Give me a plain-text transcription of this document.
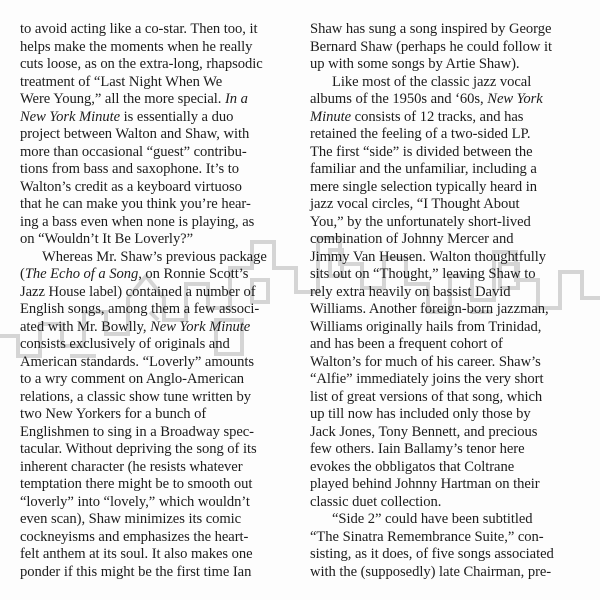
to avoid acting like a co-star. Then too, it
helps make the moments when he really
cuts loose, as on the extra-long, rhapsodic
treatment of “Last Night When We
Were Young,” all the more special. In a
New York Minute is essentially a duo
project between Walton and Shaw, with
more than occasional “guest” contribu-
tions from bass and saxophone. It’s to
Walton’s credit as a keyboard virtuoso
that he can make you think you’re hear-
ing a bass even when none is playing, as
on “Wouldn’t It Be Loverly?”
Whereas Mr. Shaw’s previous package
(The Echo of a Song, on Ronnie Scott’s
Jazz House label) contained a number of
English songs, among them a few associ-
ated with Mr. Bowlly, New York Minute
consists exclusively of originals and
American standards. “Loverly” amounts
to a wry comment on Anglo-American
relations, a classic show tune written by
two New Yorkers for a bunch of
Englishmen to sing in a Broadway spec-
tacular. Without depriving the song of its
inherent character (he resists whatever
temptation there might be to smooth out
“loverly” into “lovely,” which wouldn’t
even scan), Shaw minimizes its comic
cockneyisms and emphasizes the heart-
felt anthem at its soul. It also makes one
ponder if this might be the first time Ian
Shaw has sung a song inspired by George
Bernard Shaw (perhaps he could follow it
up with some songs by Artie Shaw).
Like most of the classic jazz vocal
albums of the 1950s and ‘60s, New York
Minute consists of 12 tracks, and has
retained the feeling of a two-sided LP.
The first “side” is divided between the
familiar and the unfamiliar, including a
mere single selection typically heard in
jazz vocal circles, “I Thought About
You,” by the unfortunately short-lived
combination of Johnny Mercer and
Jimmy Van Heusen. Walton thoughtfully
sits out on “Thought,” leaving Shaw to
rely extra heavily on bassist David
Williams. Another foreign-born jazzman,
Williams originally hails from Trinidad,
and has been a frequent cohort of
Walton’s for much of his career. Shaw’s
“Alfie” immediately joins the very short
list of great versions of that song, which
up till now has included only those by
Jack Jones, Tony Bennett, and precious
few others. Iain Ballamy’s tenor here
evokes the obbligatos that Coltrane
played behind Johnny Hartman on their
classic duet collection.
“Side 2” could have been subtitled
“The Sinatra Remembrance Suite,” con-
sisting, as it does, of five songs associated
with the (supposedly) late Chairman, pre-
